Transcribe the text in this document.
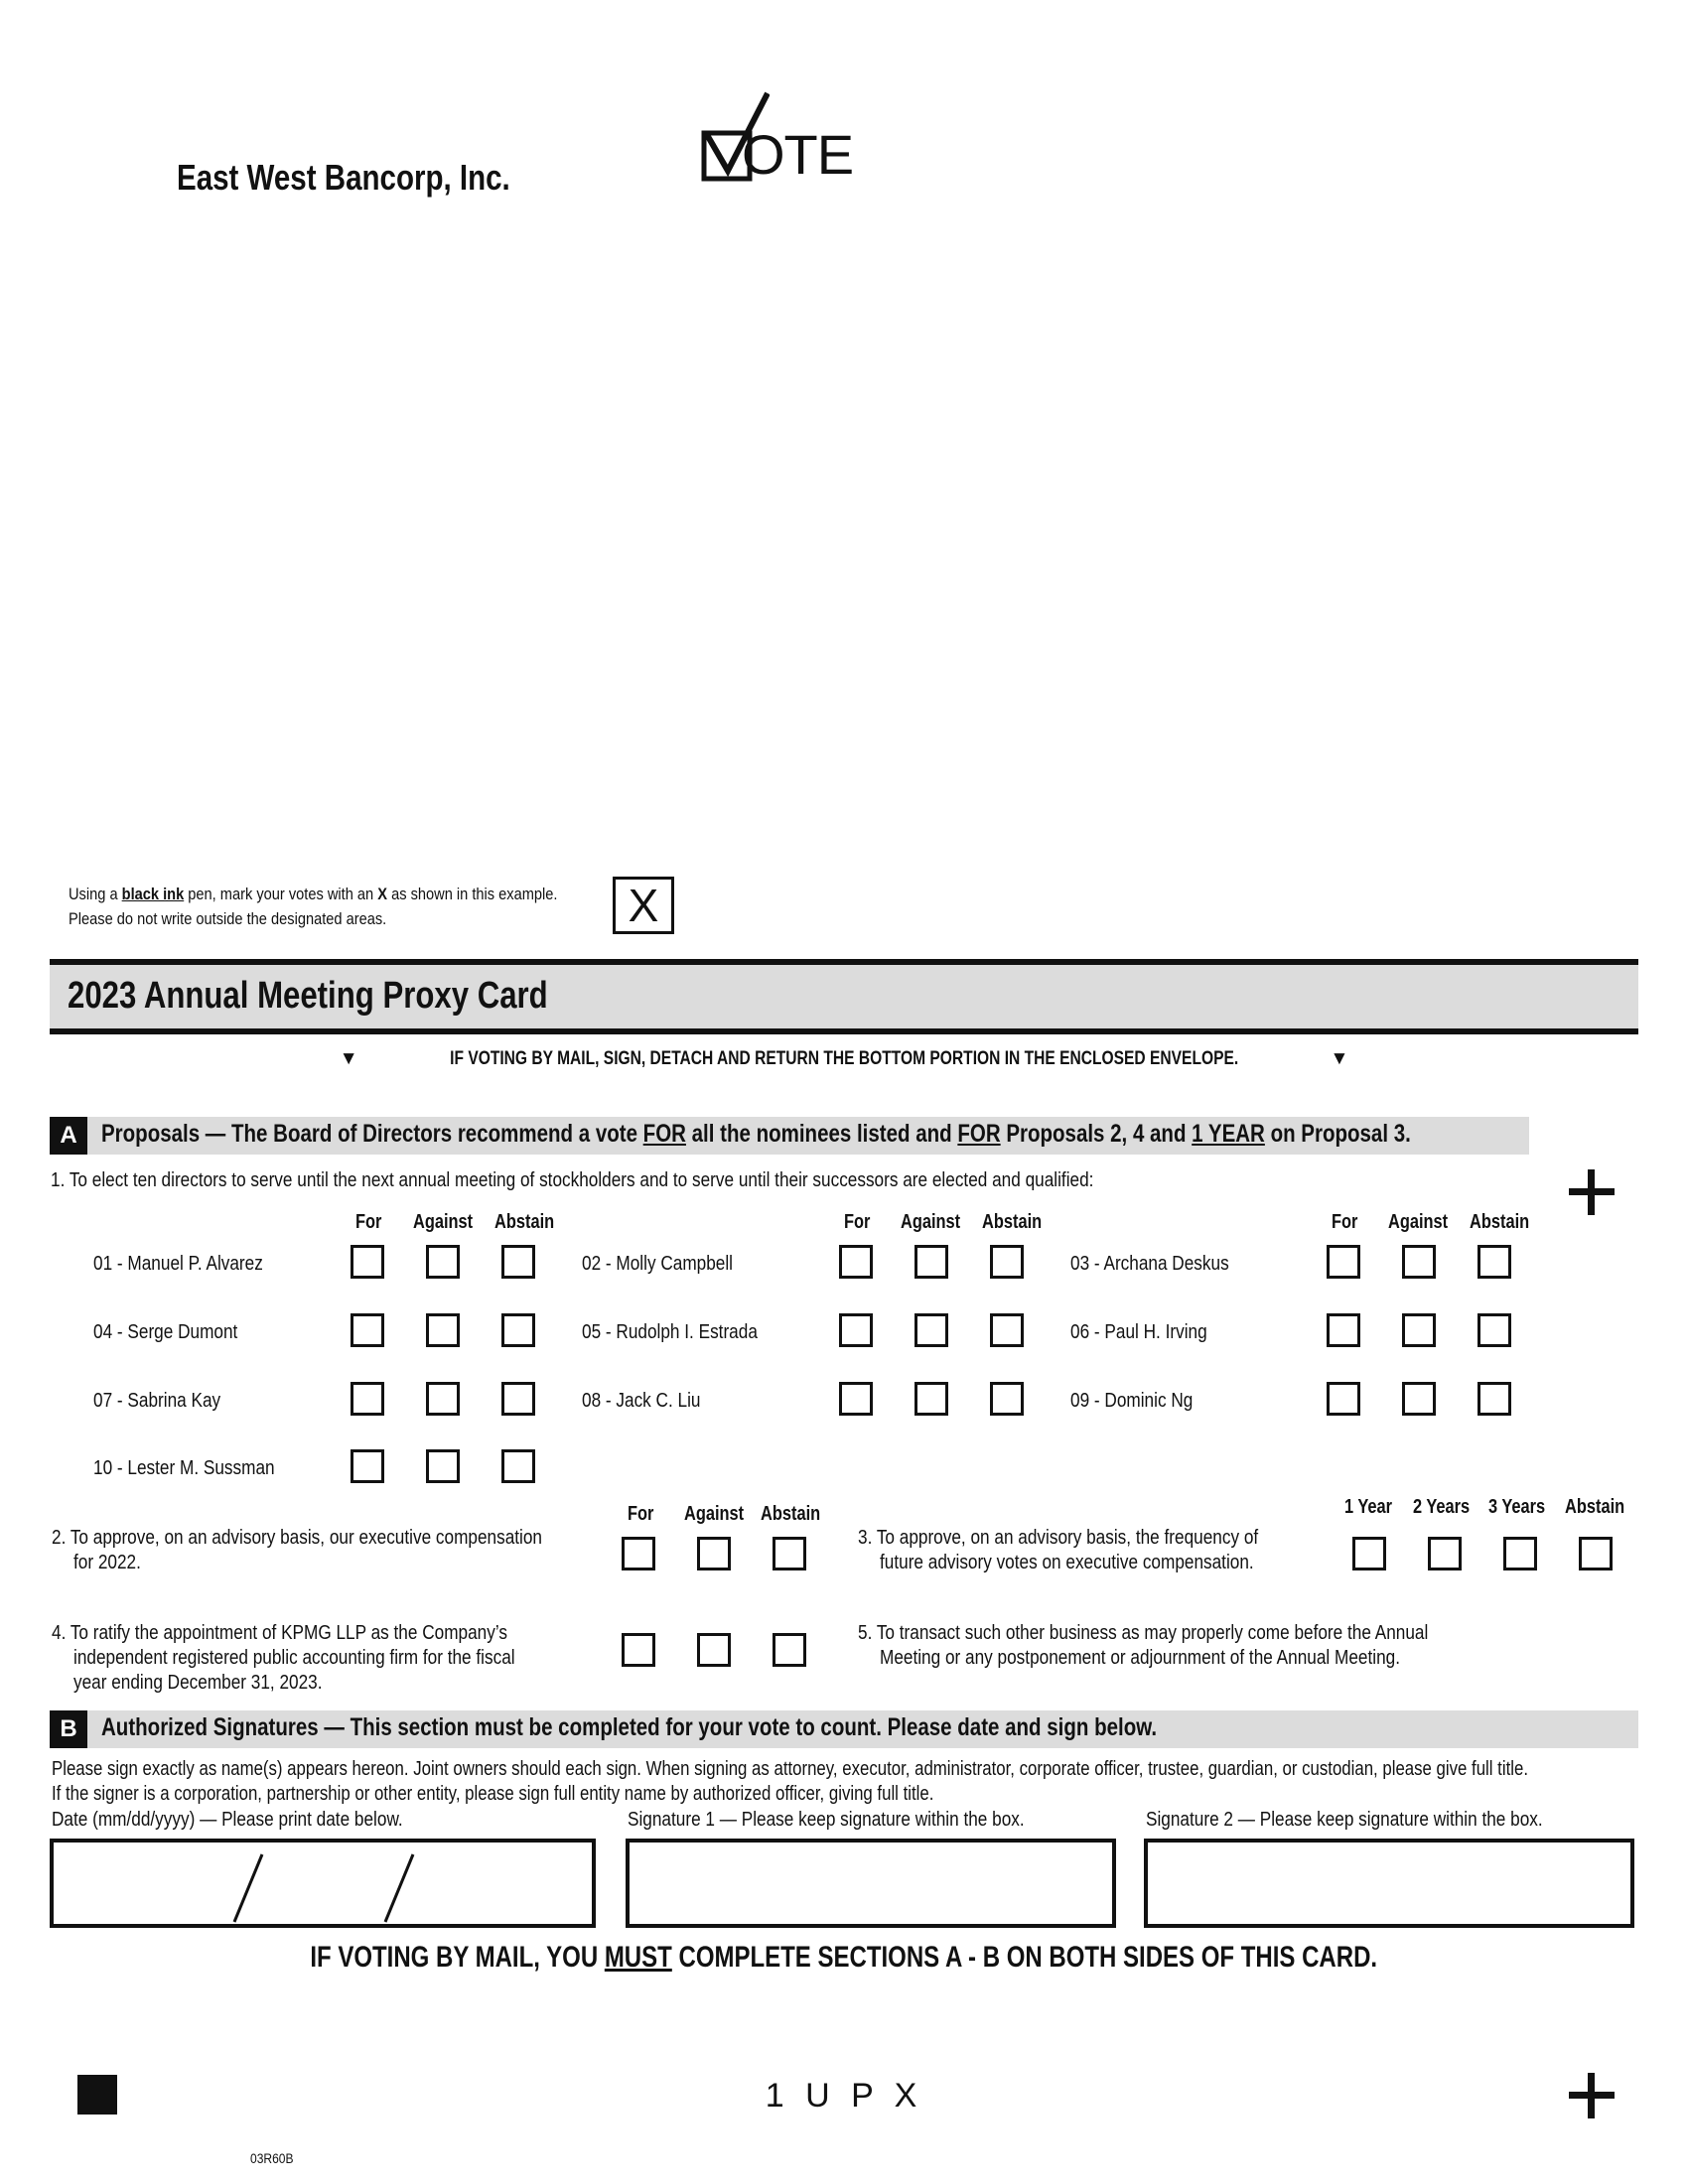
East West Bancorp, Inc.	OTE
Using a black ink pen, mark your votes with an X as shown in this example.
Please do not write outside the designated areas.	X
2023 Annual Meeting Proxy Card
▼	IF VOTING BY MAIL, SIGN, DETACH AND RETURN THE BOTTOM PORTION IN THE ENCLOSED ENVELOPE.	▼
A Proposals — The Board of Directors recommend a vote FOR all the nominees listed and FOR Proposals 2, 4 and 1 YEAR on Proposal 3.
1. To elect ten directors to serve until the next annual meeting of stockholders and to serve until their successors are elected and qualified:
For Against Abstain	For Against Abstain	For Against Abstain
01 - Manuel P. Alvarez	02 - Molly Campbell	03 - Archana Deskus
04 - Serge Dumont	05 - Rudolph I. Estrada	06 - Paul H. Irving
07 - Sabrina Kay	08 - Jack C. Liu	09 - Dominic Ng
10 - Lester M. Sussman
For Against Abstain
2. To approve, on an advisory basis, our executive compensation
for 2022.
1 Year 2 Years 3 Years Abstain
3. To approve, on an advisory basis, the frequency of
future advisory votes on executive compensation.
4. To ratify the appointment of KPMG LLP as the Company’s
independent registered public accounting firm for the fiscal
year ending December 31, 2023.
5. To transact such other business as may properly come before the Annual
Meeting or any postponement or adjournment of the Annual Meeting.
B Authorized Signatures — This section must be completed for your vote to count. Please date and sign below.
Please sign exactly as name(s) appears hereon. Joint owners should each sign. When signing as attorney, executor, administrator, corporate officer, trustee, guardian, or custodian, please give full title.
If the signer is a corporation, partnership or other entity, please sign full entity name by authorized officer, giving full title.
Date (mm/dd/yyyy) — Please print date below.	Signature 1 — Please keep signature within the box.	Signature 2 — Please keep signature within the box.
IF VOTING BY MAIL, YOU MUST COMPLETE SECTIONS A - B ON BOTH SIDES OF THIS CARD.
1 U P X
03R60B
